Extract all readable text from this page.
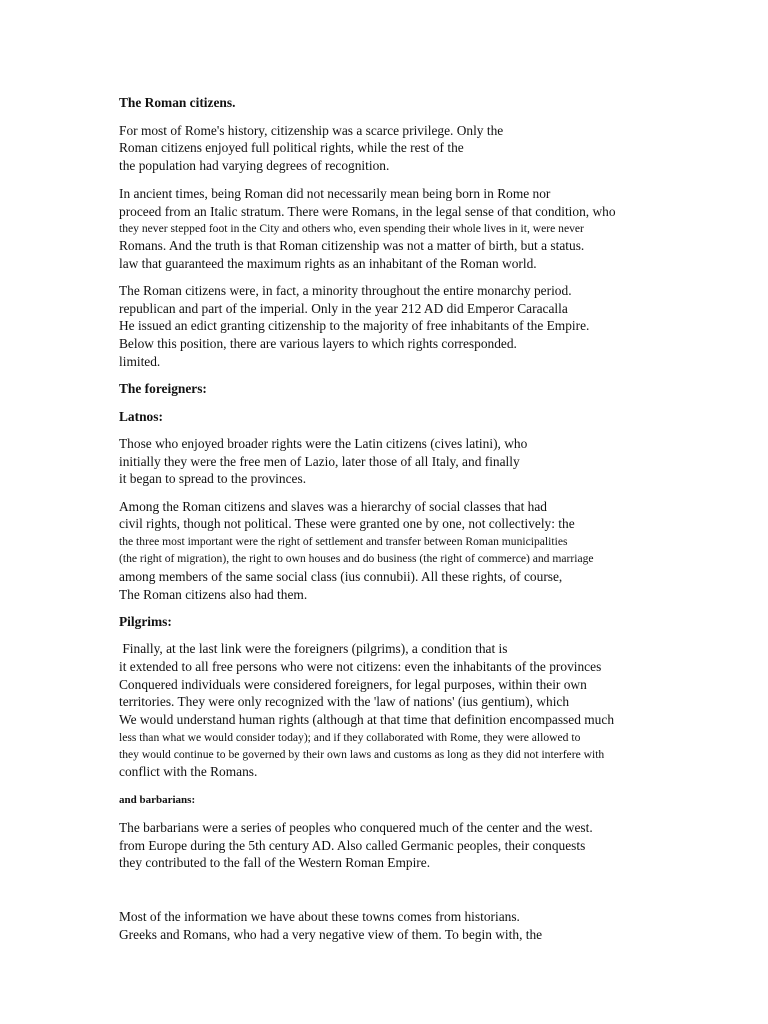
The Roman citizens.

For most of Rome's history, citizenship was a scarce privilege. Only the

Roman citizens enjoyed full political rights, while the rest of the

the population had varying degrees of recognition.

In ancient times, being Roman did not necessarily mean being born in Rome nor

proceed from an Italic stratum. There were Romans, in the legal sense of that condition, who

they never stepped foot in the City and others who, even spending their whole lives in it, were never

Romans. And the truth is that Roman citizenship was not a matter of birth, but a status.

law that guaranteed the maximum rights as an inhabitant of the Roman world.

The Roman citizens were, in fact, a minority throughout the entire monarchy period.

republican and part of the imperial. Only in the year 212 AD did Emperor Caracalla

He issued an edict granting citizenship to the majority of free inhabitants of the Empire.

Below this position, there are various layers to which rights corresponded.

limited.

The foreigners:

Latnos:

Those who enjoyed broader rights were the Latin citizens (cives latini), who

initially they were the free men of Lazio, later those of all Italy, and finally

it began to spread to the provinces.

Among the Roman citizens and slaves was a hierarchy of social classes that had

civil rights, though not political. These were granted one by one, not collectively: the

the three most important were the right of settlement and transfer between Roman municipalities

(the right of migration), the right to own houses and do business (the right of commerce) and marriage

among members of the same social class (ius connubii). All these rights, of course,

The Roman citizens also had them.

Pilgrims:

Finally, at the last link were the foreigners (pilgrims), a condition that is

it extended to all free persons who were not citizens: even the inhabitants of the provinces

Conquered individuals were considered foreigners, for legal purposes, within their own

territories. They were only recognized with the 'law of nations' (ius gentium), which

We would understand human rights (although at that time that definition encompassed much

less than what we would consider today); and if they collaborated with Rome, they were allowed to

they would continue to be governed by their own laws and customs as long as they did not interfere with

conflict with the Romans.

and barbarians:

The barbarians were a series of peoples who conquered much of the center and the west.

from Europe during the 5th century AD. Also called Germanic peoples, their conquests

they contributed to the fall of the Western Roman Empire.

Most of the information we have about these towns comes from historians.

Greeks and Romans, who had a very negative view of them. To begin with, the
